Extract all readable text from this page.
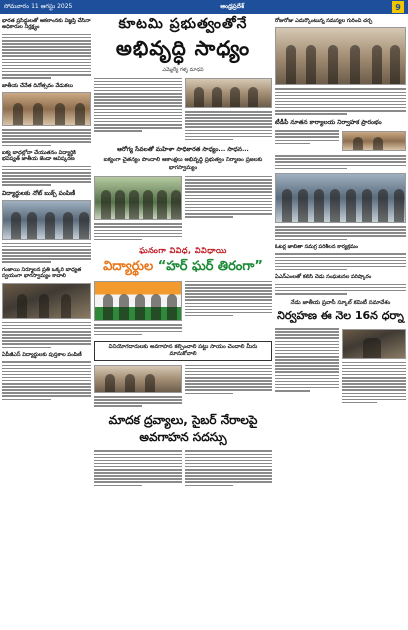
సోమవారం 11 ఆగస్టు 2025	ఆంధ్రప్రదేశ్	9
భారత ప్రసిద్ధులతో ఆకలాంనకు విజ్ఞప్తి చేసినా అధికారుల నిర్లక్ష్యం
జాతీయ చేనేత దినోత్సవం వేడుకలు
ఐక్య బాధల్లోనా చేయుతనం విద్యార్థికి భవిష్యత్ జాతీయ జెండా ఆవిష్కరణ
విద్యార్థులకు నోట్ బుక్స్ పంపిణీ
గంజాయి నిర్మూలన ప్రతి ఒక్కరి బాధ్యత స్వయంగా భాగస్వామ్యం కావాలి
ఏపీజీఎస్ విద్యార్థులకు పుస్తకాల పంపిణీ
కూటమి ప్రభుత్వంతోనే
అభివృద్ధి సాధ్యం
ఎమ్మెల్యే గళ్ళ మాధవి
ఆరోగ్య సేవలతో మహిళా సాధికారత సాధ్యం... సాధన...
ఐక్యంగా చైతన్యం పొందాలి ఆకాంక్షలు అభివృద్ధి ప్రభుత్వం నిర్మాణం ప్రజలకు భాగస్వామ్యం
ఘనంగా వివిధ, వివిధాయి
విద్యార్థుల “హర్ ఘర్ తిరంగా”
వినియోగదారులకు అవగాహన కల్పించాలి పట్టు సాయం చెందాలి మీరు మానుకోవాలి
మాదక ద్రవ్యాలు, సైబర్ నేరాలపై అవగాహన సదస్సు
రోజురోజు ఎదుర్కొంటున్న సమస్యల గురించి చర్చ
టీడీపీ నూతన కార్యాలయ నిర్వాహక ప్రారంభం
ఓటర్ల జాబితా సమగ్ర పరిశీలన కార్యక్రమం
ఏఎన్ఎంలతో కలిసి చెడు సంఘటనల పరిష్కారం
నేడు జాతీయ ప్రవాసీ స్కూల్ కమిటీ సమావేశం
నిర్వహణ ఈ నెల 16న ధర్నా
